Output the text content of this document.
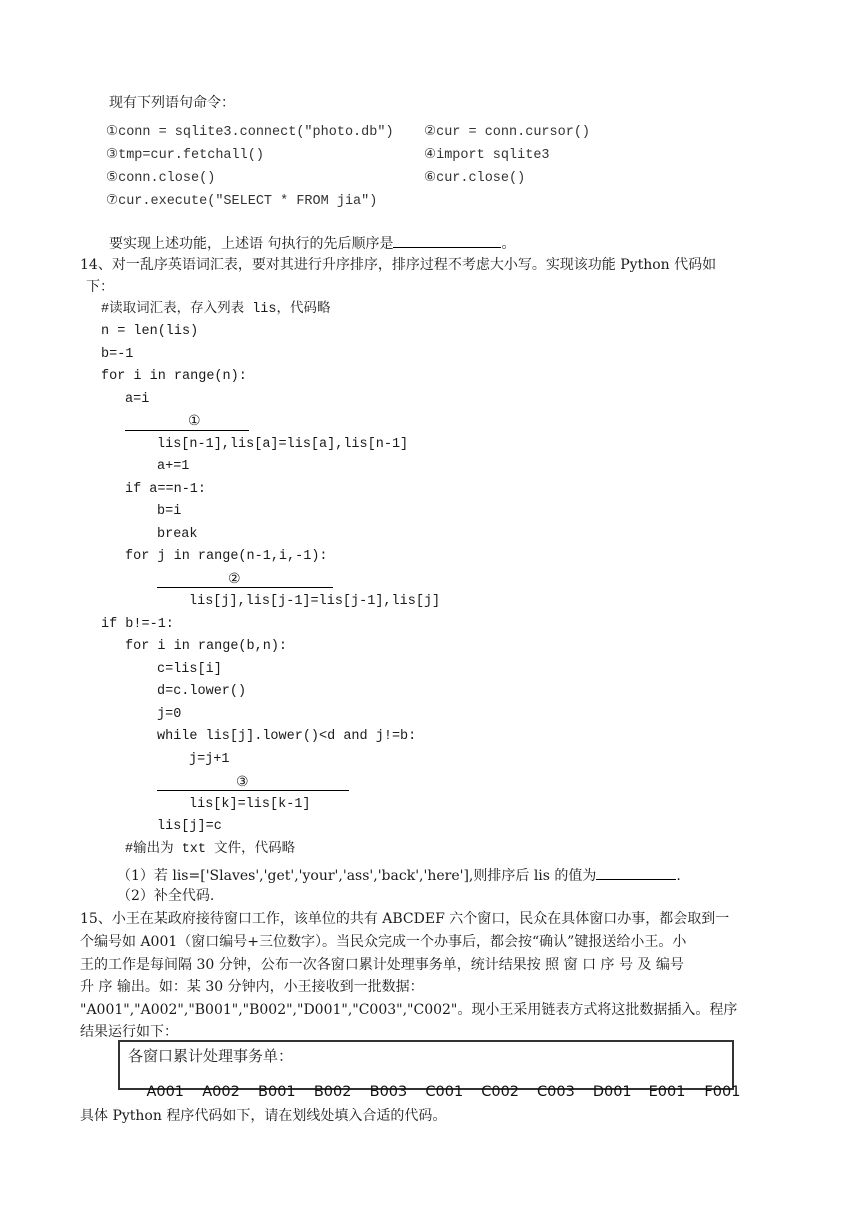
现有下列语句命令：
①conn = sqlite3.connect("photo.db") ②cur = conn.cursor()
③tmp=cur.fetchall()	④import sqlite3
⑤conn.close()	⑥cur.close()
⑦cur.execute("SELECT * FROM jia")
要实现上述功能，上述语 句执行的先后顺序是	。
14、对一乱序英语词汇表，要对其进行升序排序，排序过程不考虑大小写。实现该功能 Python 代码如
下：
#读取词汇表，存入列表 lis，代码略
n = len(lis)
b=-1
for i in range(n):
a=i
①
lis[n-1],lis[a]=lis[a],lis[n-1]
a+=1
if a==n-1:
b=i
break
for j in range(n-1,i,-1):
②
lis[j],lis[j-1]=lis[j-1],lis[j]
if b!=-1:
for i in range(b,n):
c=lis[i]
d=c.lower()
j=0
while lis[j].lower()<d and j!=b:
j=j+1
③
lis[k]=lis[k-1]
lis[j]=c
#输出为 txt 文件，代码略
（1）若 lis=['Slaves','get','your','ass','back','here'],则排序后 lis 的值为	.
（2）补全代码.
15、小王在某政府接待窗口工作，该单位的共有 ABCDEF 六个窗口，民众在具体窗口办事，都会取到一
个编号如 A001（窗口编号+三位数字）。当民众完成一个办事后，都会按“确认”键报送给小王。小
王的工作是每间隔 30 分钟，公布一次各窗口累计处理事务单，统计结果按 照 窗 口 序 号 及 编号
升 序 输出。如：某 30 分钟内，小王接收到一批数据：
"A001","A002","B001","B002","D001","C003","C002"。现小王采用链表方式将这批数据插入。程序
结果运行如下：
各窗口累计处理事务单：

A001 A002 B001 B002 B003 C001 C002 C003 D001 E001 F001

具体 Python 程序代码如下，请在划线处填入合适的代码。
